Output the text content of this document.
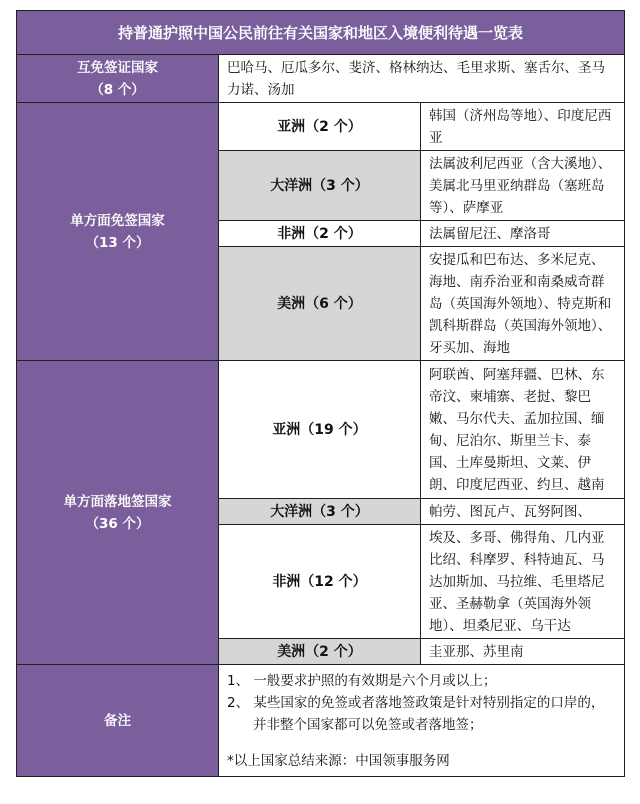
持普通护照中国公民前往有关国家和地区入境便利待遇一览表		
互免签证国家
（8 个）	巴哈马、厄瓜多尔、斐济、格林纳达、毛里求斯、塞舌尔、圣马力诺、汤加	
单方面免签国家
（13 个）	亚洲（2 个）	韩国（济州岛等地）、印度尼西亚
	大洋洲（3 个）	法属波利尼西亚（含大溪地）、美属北马里亚纳群岛（塞班岛等）、萨摩亚
	非洲（2 个）	法属留尼汪、摩洛哥
	美洲（6 个）	安提瓜和巴布达、多米尼克、海地、南乔治亚和南桑威奇群岛（英国海外领地）、特克斯和凯科斯群岛（英国海外领地）、牙买加、海地
单方面落地签国家
（36 个）	亚洲（19 个）	阿联酋、阿塞拜疆、巴林、东帝汶、柬埔寨、老挝、黎巴嫩、马尔代夫、孟加拉国、缅甸、尼泊尔、斯里兰卡、泰国、土库曼斯坦、文莱、伊朗、印度尼西亚、约旦、越南
	大洋洲（3 个）	帕劳、图瓦卢、瓦努阿图、
	非洲（12 个）	埃及、多哥、佛得角、几内亚比绍、科摩罗、科特迪瓦、马达加斯加、马拉维、毛里塔尼亚、圣赫勒拿（英国海外领地）、坦桑尼亚、乌干达
	美洲（2 个）	圭亚那、苏里南
备注	1、 一般要求护照的有效期是六个月或以上；
2、 某些国家的免签或者落地签政策是针对特别指定的口岸的，并非整个国家都可以免签或者落地签；
*以上国家总结来源：中国领事服务网	
